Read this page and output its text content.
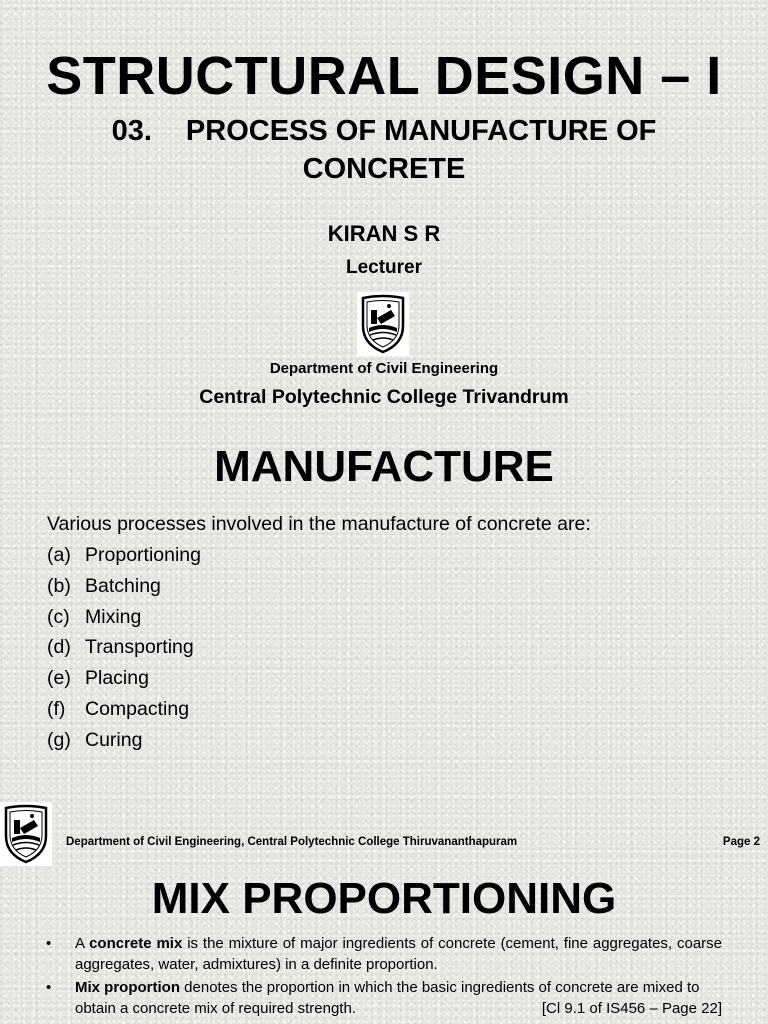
STRUCTURAL DESIGN – I
03. PROCESS OF MANUFACTURE OF
CONCRETE
KIRAN S R
Lecturer
Department of Civil Engineering
Central Polytechnic College Trivandrum
MANUFACTURE
Various processes involved in the manufacture of concrete are:
(a) Proportioning
(b) Batching
(c) Mixing
(d) Transporting
(e) Placing
(f) Compacting
(g) Curing
Department of Civil Engineering, Central Polytechnic College Thiruvananthapuram	Page 2
MIX PROPORTIONING
• A concrete mix is the mixture of major ingredients of concrete (cement, fine aggregates, coarse aggregates, water, admixtures) in a definite proportion.
• Mix proportion denotes the proportion in which the basic ingredients of concrete are mixed to obtain a concrete mix of required strength.	[Cl 9.1 of IS456 – Page 22]
